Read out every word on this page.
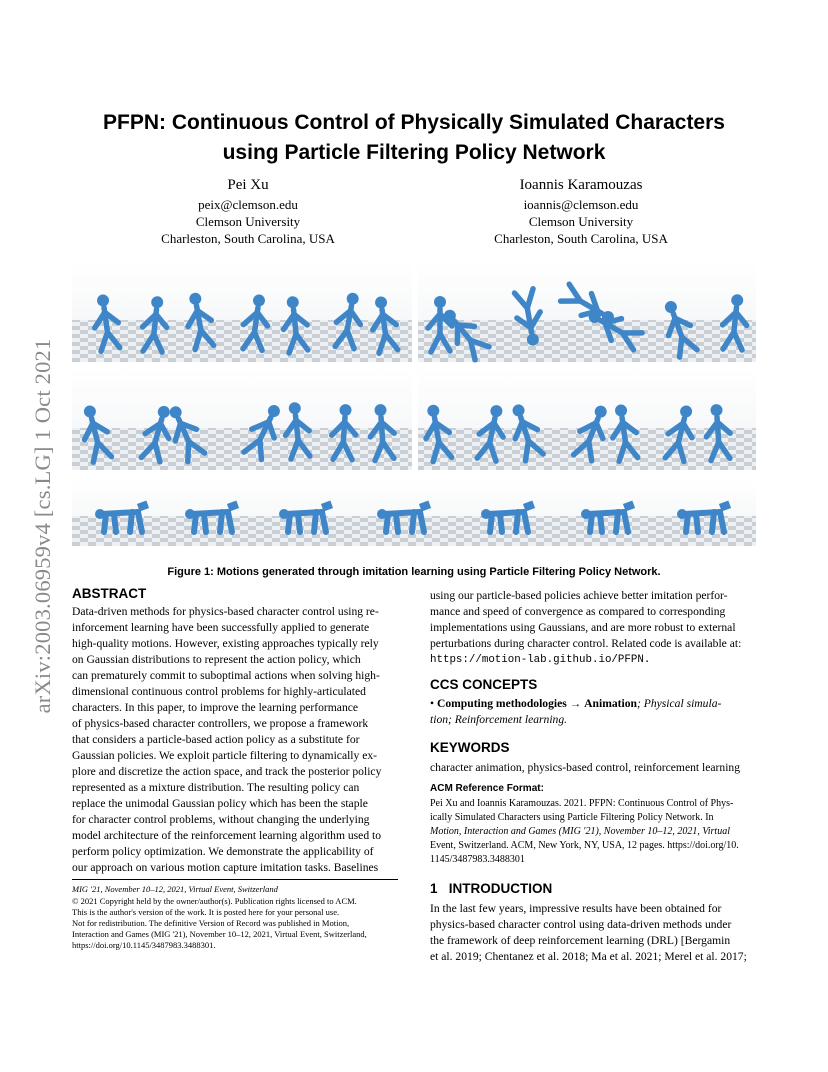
PFPN: Continuous Control of Physically Simulated Characters
using Particle Filtering Policy Network
Pei Xu
peix@clemson.edu
Clemson University
Charleston, South Carolina, USA
Ioannis Karamouzas
ioannis@clemson.edu
Clemson University
Charleston, South Carolina, USA
arXiv:2003.06959v4 [cs.LG] 1 Oct 2021	Figure 1: Motions generated through imitation learning using Particle Filtering Policy Network.
ABSTRACT
Data-driven methods for physics-based character control using re-
inforcement learning have been successfully applied to generate
high-quality motions. However, existing approaches typically rely
on Gaussian distributions to represent the action policy, which
can prematurely commit to suboptimal actions when solving high-
dimensional continuous control problems for highly-articulated
characters. In this paper, to improve the learning performance
of physics-based character controllers, we propose a framework
that considers a particle-based action policy as a substitute for
Gaussian policies. We exploit particle filtering to dynamically ex-
plore and discretize the action space, and track the posterior policy
represented as a mixture distribution. The resulting policy can
replace the unimodal Gaussian policy which has been the staple
for character control problems, without changing the underlying
model architecture of the reinforcement learning algorithm used to
perform policy optimization. We demonstrate the applicability of
our approach on various motion capture imitation tasks. Baselines
MIG '21, November 10–12, 2021, Virtual Event, Switzerland
© 2021 Copyright held by the owner/author(s). Publication rights licensed to ACM.
This is the author's version of the work. It is posted here for your personal use.
Not for redistribution. The definitive Version of Record was published in Motion,
Interaction and Games (MIG '21), November 10–12, 2021, Virtual Event, Switzerland,
https://doi.org/10.1145/3487983.3488301.
using our particle-based policies achieve better imitation perfor-
mance and speed of convergence as compared to corresponding
implementations using Gaussians, and are more robust to external
perturbations during character control. Related code is available at:
https://motion-lab.github.io/PFPN.
CCS CONCEPTS
• Computing methodologies → Animation; Physical simula-
tion; Reinforcement learning.
KEYWORDS
character animation, physics-based control, reinforcement learning
ACM Reference Format:
Pei Xu and Ioannis Karamouzas. 2021. PFPN: Continuous Control of Phys-
ically Simulated Characters using Particle Filtering Policy Network. In
Motion, Interaction and Games (MIG '21), November 10–12, 2021, Virtual
Event, Switzerland. ACM, New York, NY, USA, 12 pages. https://doi.org/10.
1145/3487983.3488301
1 INTRODUCTION
In the last few years, impressive results have been obtained for
physics-based character control using data-driven methods under
the framework of deep reinforcement learning (DRL) [Bergamin
et al. 2019; Chentanez et al. 2018; Ma et al. 2021; Merel et al. 2017;
